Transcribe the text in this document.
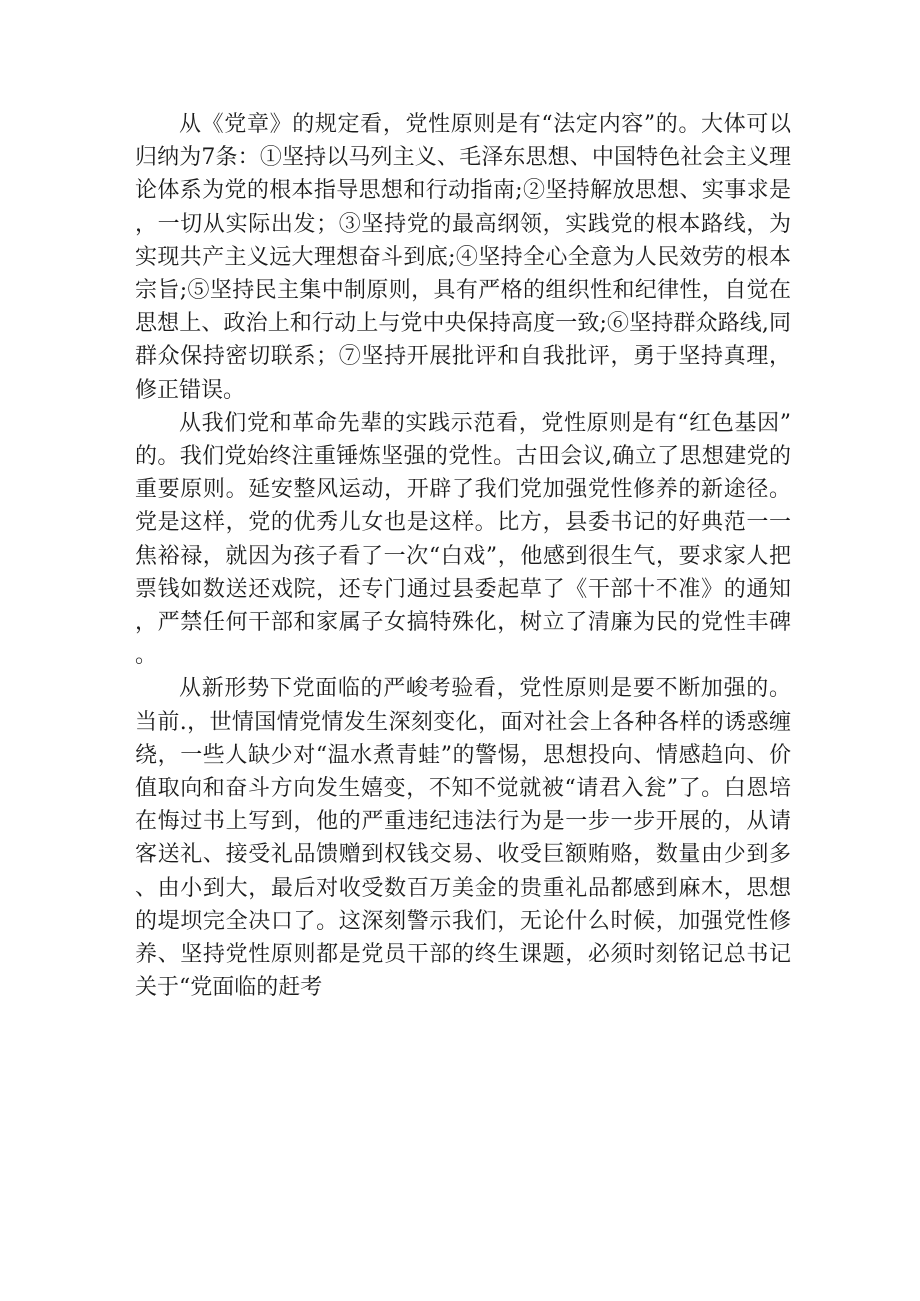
从《党章》的规定看，党性原则是有“法定内容”的。大体可以归纳为7条：①坚持以马列主义、毛泽东思想、中国特色社会主义理论体系为党的根本指导思想和行动指南;②坚持解放思想、实事求是，一切从实际出发；③坚持党的最高纲领，实践党的根本路线，为实现共产主义远大理想奋斗到底;④坚持全心全意为人民效劳的根本宗旨;⑤坚持民主集中制原则，具有严格的组织性和纪律性，自觉在思想上、政治上和行动上与党中央保持高度一致;⑥坚持群众路线,同群众保持密切联系；⑦坚持开展批评和自我批评，勇于坚持真理，修正错误。

从我们党和革命先辈的实践示范看，党性原则是有“红色基因”的。我们党始终注重锤炼坚强的党性。古田会议,确立了思想建党的重要原则。延安整风运动，开辟了我们党加强党性修养的新途径。党是这样，党的优秀儿女也是这样。比方，县委书记的好典范一一焦裕禄，就因为孩子看了一次“白戏”，他感到很生气，要求家人把票钱如数送还戏院，还专门通过县委起草了《干部十不准》的通知，严禁任何干部和家属子女搞特殊化，树立了清廉为民的党性丰碑。

从新形势下党面临的严峻考验看，党性原则是要不断加强的。当前.，世情国情党情发生深刻变化，面对社会上各种各样的诱惑缠绕，一些人缺少对“温水煮青蛙”的警惕，思想投向、情感趋向、价值取向和奋斗方向发生嬉变，不知不觉就被“请君入瓮”了。白恩培在悔过书上写到，他的严重违纪违法行为是一步一步开展的，从请客送礼、接受礼品馈赠到权钱交易、收受巨额贿赂，数量由少到多、由小到大，最后对收受数百万美金的贵重礼品都感到麻木，思想的堤坝完全决口了。这深刻警示我们，无论什么时候，加强党性修养、坚持党性原则都是党员干部的终生课题，必须时刻铭记总书记关于“党面临的赶考
